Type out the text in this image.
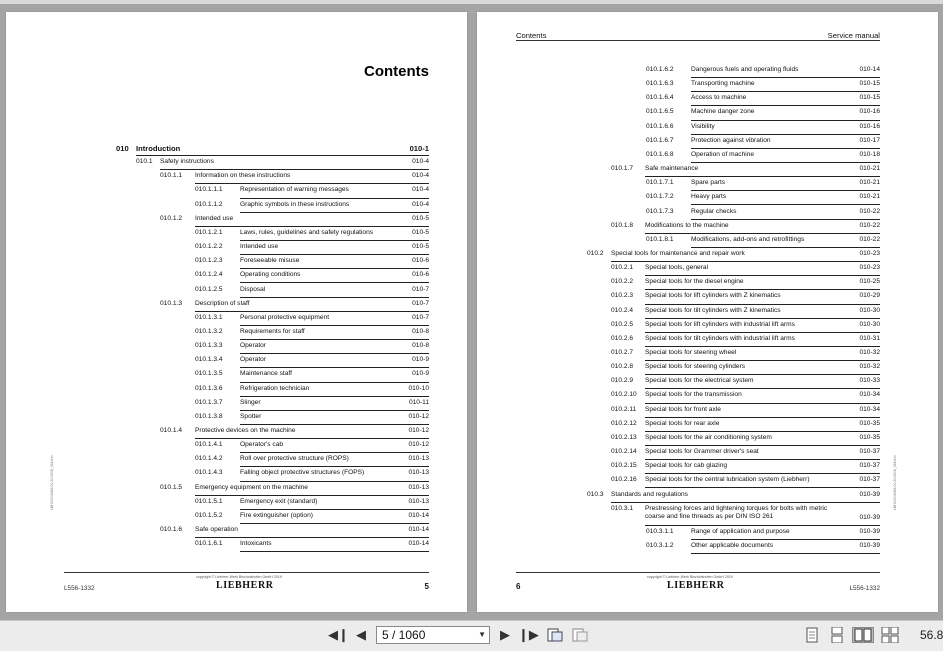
Contents
010 Introduction	010-1
010.1 Safety instructions	010-4
010.1.1 Information on these instructions	010-4
010.1.1.1	Representation of warning messages	010-4
010.1.1.2	Graphic symbols in these instructions	010-4
010.1.2 Intended use	010-5
010.1.2.1	Laws, rules, guidelines and safety regulations	010-5
010.1.2.2	Intended use	010-5
010.1.2.3	Foreseeable misuse	010-6
010.1.2.4	Operating conditions	010-6
010.1.2.5	Disposal	010-7
010.1.3 Description of staff	010-7
010.1.3.1	Personal protective equipment	010-7
010.1.3.2	Requirements for staff	010-8
010.1.3.3	Operator	010-8
010.1.3.4	Operator	010-9
010.1.3.5	Maintenance staff	010-9
010.1.3.6	Refrigeration technician	010-10
010.1.3.7	Slinger	010-11
010.1.3.8	Spotter	010-12
010.1.4 Protective devices on the machine	010-12
010.1.4.1	Operator's cab	010-12
010.1.4.2	Roll over protective structure (ROPS)	010-13
010.1.4.3	Falling object protective structures (FOPS)	010-13
010.1.5 Emergency equipment on the machine	010-13
010.1.5.1	Emergency exit (standard)	010-13
010.1.5.2	Fire extinguisher (option)	010-14
010.1.6 Safe operation	010-14
010.1.6.1	Intoxicants	010-14
LBH/12008461/00-2019/08_0641/en
L556-1332
copyright © Liebherr-Werk Bischofshofen GmbH 2019
LIEBHERR	5
Contents	Service manual
010.1.6.2	Dangerous fuels and operating fluids	010-14
010.1.6.3	Transporting machine	010-15
010.1.6.4	Access to machine	010-15
010.1.6.5	Machine danger zone	010-16
010.1.6.6	Visibility	010-16
010.1.6.7	Protection against vibration	010-17
010.1.6.8	Operation of machine	010-18
010.1.7 Safe maintenance	010-21
010.1.7.1	Spare parts	010-21
010.1.7.2	Heavy parts	010-21
010.1.7.3	Regular checks	010-22
010.1.8 Modifications to the machine	010-22
010.1.8.1	Modifications, add-ons and retrofittings	010-22
010.2 Special tools for maintenance and repair work	010-23
010.2.1 Special tools, general	010-23
010.2.2 Special tools for the diesel engine	010-25
010.2.3 Special tools for lift cylinders with Z kinematics	010-29
010.2.4 Special tools for tilt cylinders with Z kinematics	010-30
010.2.5 Special tools for lift cylinders with industrial lift arms	010-30
010.2.6 Special tools for tilt cylinders with industrial lift arms	010-31
010.2.7 Special tools for steering wheel	010-32
010.2.8 Special tools for steering cylinders	010-32
010.2.9 Special tools for the electrical system	010-33
010.2.10 Special tools for the transmission	010-34
010.2.11 Special tools for front axle	010-34
010.2.12 Special tools for rear axle	010-35
010.2.13 Special tools for the air conditioning system	010-35
010.2.14 Special tools for Grammer driver's seat	010-37
010.2.15 Special tools for cab glazing	010-37
010.2.16 Special tools for the central lubrication system (Liebherr)	010-37
010.3 Standards and regulations	010-39
010.3.1 Prestressing forces and tightening torques for bolts with metric
coarse and fine threads as per DIN ISO 261	010-39
010.3.1.1	Range of application and purpose	010-39
010.3.1.2	Other applicable documents	010-39
LBH/12008461/00-2019/08_0641/en
6
copyright © Liebherr-Werk Bischofshofen GmbH 2019
LIEBHERR	L556-1332
◀❙ ◀	5 / 1060	▼	▶ ❙▶	56.8
